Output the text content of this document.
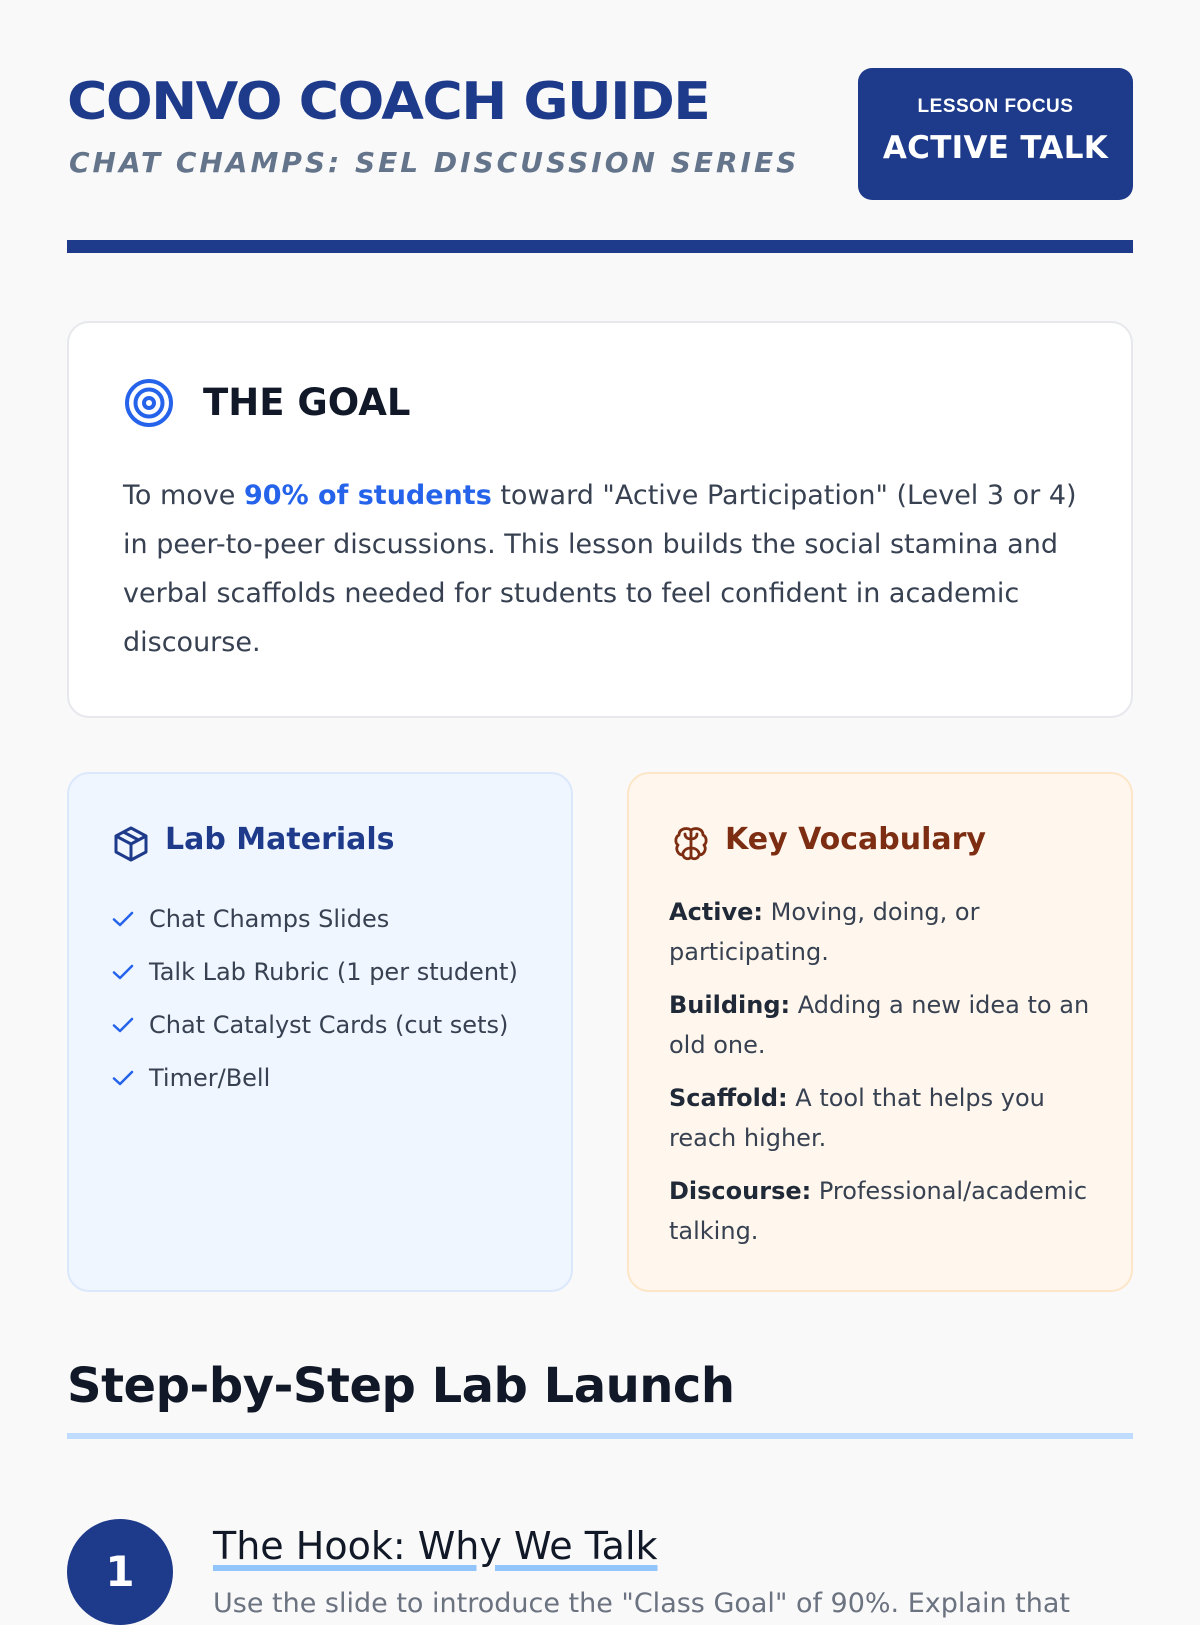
CONVO COACH GUIDE
CHAT CHAMPS: SEL DISCUSSION SERIES
LESSON FOCUS
ACTIVE TALK
THE GOAL

To move 90% of students toward "Active Participation" (Level 3 or 4) in peer-to-peer discussions. This lesson builds the social stamina and verbal scaffolds needed for students to feel confident in academic discourse.

Lab Materials
Chat Champs Slides
Talk Lab Rubric (1 per student)
Chat Catalyst Cards (cut sets)
Timer/Bell
Key Vocabulary

Active: Moving, doing, or participating.

Building: Adding a new idea to an old one.

Scaffold: A tool that helps you reach higher.

Discourse: Professional/academic talking.

Step-by-Step Lab Launch
1
The Hook: Why We Talk
Use the slide to introduce the "Class Goal" of 90%. Explain that
